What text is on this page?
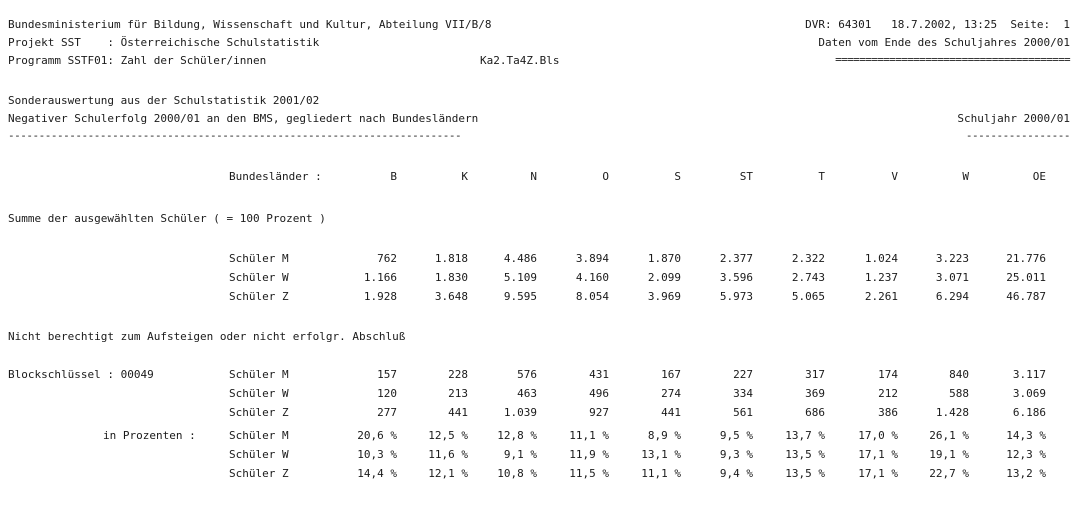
Bundesministerium für Bildung, Wissenschaft und Kultur, Abteilung VII/B/8
Projekt SST    : Österreichische Schulstatistik
Programm SSTF01: Zahl der Schüler/innen	Ka2.Ta4Z.Bls
DVR: 64301   18.7.2002, 13:25  Seite:  1
Daten vom Ende des Schuljahres 2000/01
=======================================
Sonderauswertung aus der Schulstatistik 2001/02
Negativer Schulerfolg 2000/01 an den BMS, gegliedert nach Bundesländern	Schuljahr 2000/01
--------------------------------------------------------------------------	-----------------
Bundesländer :	B	K	N	O	S	ST	T	V	W	OE
Summe der ausgewählten Schüler ( = 100 Prozent )
Schüler M	762	1.818	4.486	3.894	1.870	2.377	2.322	1.024	3.223	21.776
Schüler W	1.166	1.830	5.109	4.160	2.099	3.596	2.743	1.237	3.071	25.011
Schüler Z	1.928	3.648	9.595	8.054	3.969	5.973	5.065	2.261	6.294	46.787
Nicht berechtigt zum Aufsteigen oder nicht erfolgr. Abschluß
Blockschlüssel : 00049	Schüler M	157	228	576	431	167	227	317	174	840	3.117
Schüler W	120	213	463	496	274	334	369	212	588	3.069
Schüler Z	277	441	1.039	927	441	561	686	386	1.428	6.186
in Prozenten :	Schüler M	20,6 %	12,5 %	12,8 %	11,1 %	8,9 %	9,5 %	13,7 %	17,0 %	26,1 %	14,3 %
Schüler W	10,3 %	11,6 %	9,1 %	11,9 %	13,1 %	9,3 %	13,5 %	17,1 %	19,1 %	12,3 %
Schüler Z	14,4 %	12,1 %	10,8 %	11,5 %	11,1 %	9,4 %	13,5 %	17,1 %	22,7 %	13,2 %
